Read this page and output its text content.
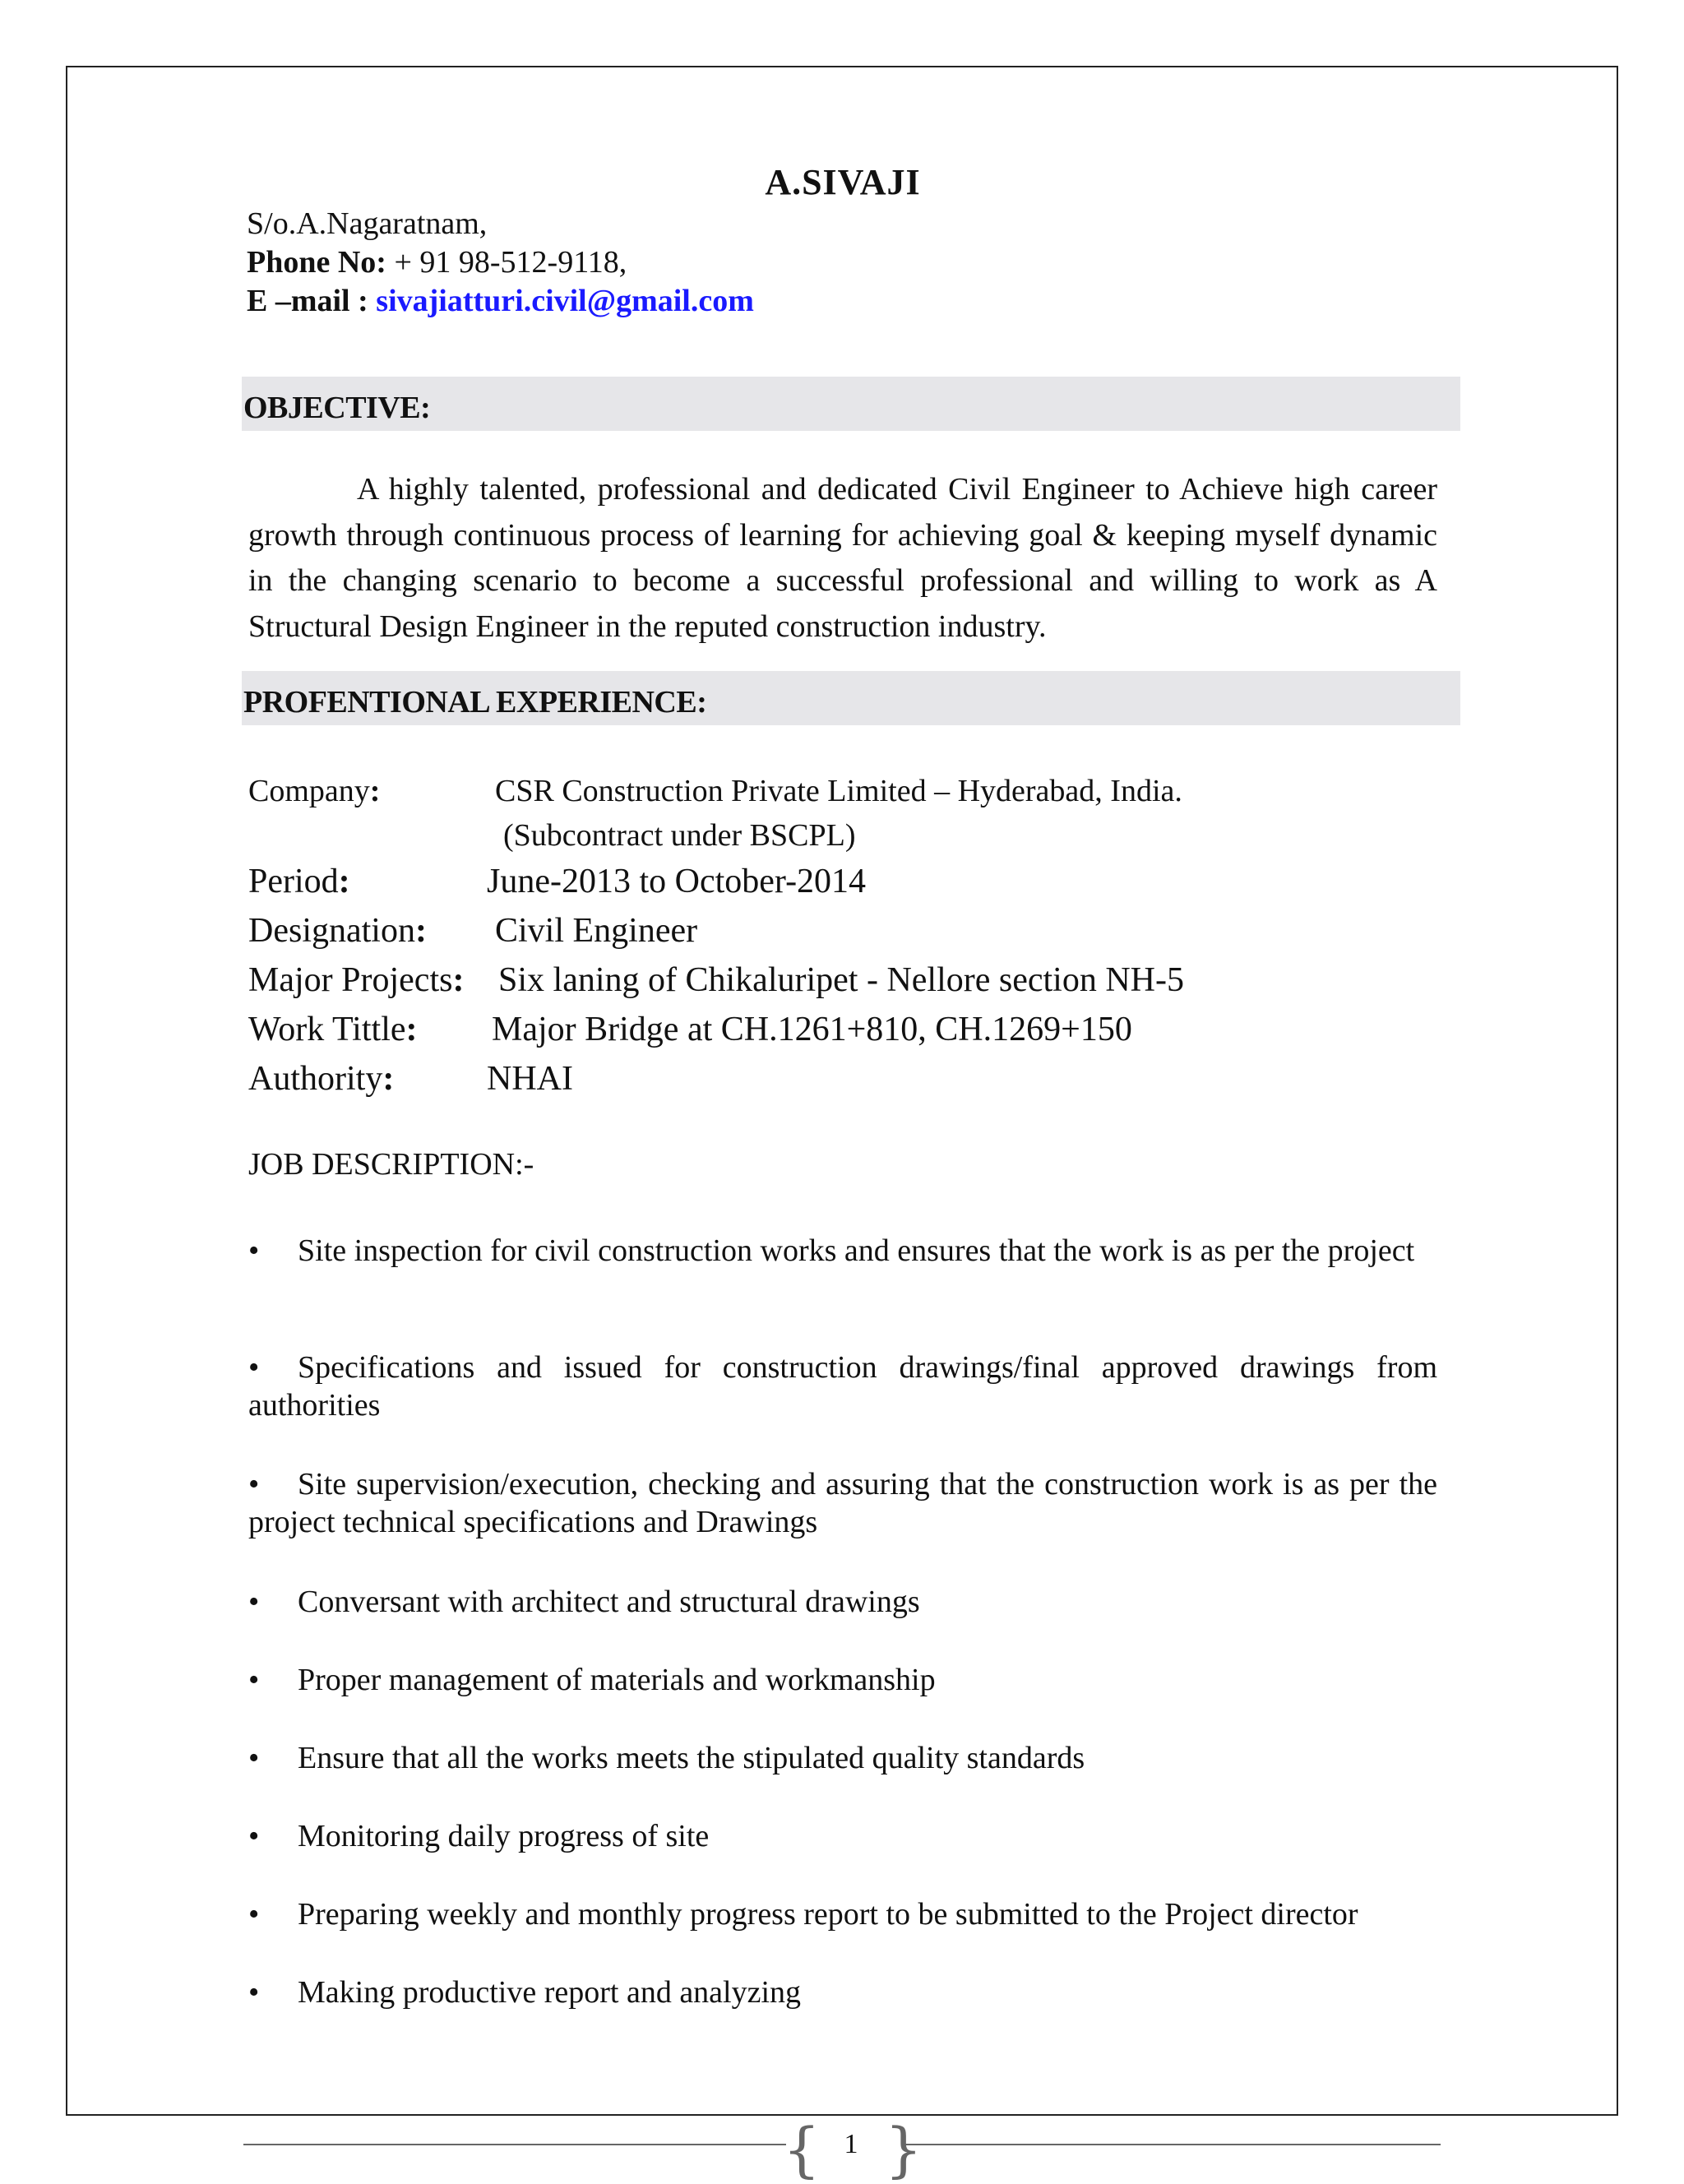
A.SIVAJI
S/o.A.Nagaratnam,
Phone No: + 91 98-512-9118,
E –mail : sivajiatturi.civil@gmail.com
OBJECTIVE:
A highly talented, professional and dedicated Civil Engineer to Achieve high career growth through continuous process of learning for achieving goal & keeping myself dynamic in the changing scenario to become a successful professional and willing to work as A Structural Design Engineer in the reputed construction industry.
PROFENTIONAL EXPERIENCE:
Company:	CSR Construction Private Limited – Hyderabad, India.
(Subcontract under BSCPL)
Period:	June-2013 to October-2014
Designation: Civil Engineer
Major Projects: Six laning of Chikaluripet - Nellore section NH-5
Work Tittle: Major Bridge at CH.1261+810, CH.1269+150
Authority:	NHAI
JOB DESCRIPTION:-
•	Site inspection for civil construction works and ensures that the work is as per the project
•	Specifications and issued for construction drawings/final approved drawings from authorities
•	Site supervision/execution, checking and assuring that the construction work is as per the project technical specifications and Drawings
•	Conversant with architect and structural drawings
•	Proper management of materials and workmanship
•	Ensure that all the works meets the stipulated quality standards
•	Monitoring daily progress of site
•	Preparing weekly and monthly progress report to be submitted to the Project director
•	Making productive report and analyzing
{ }
1
